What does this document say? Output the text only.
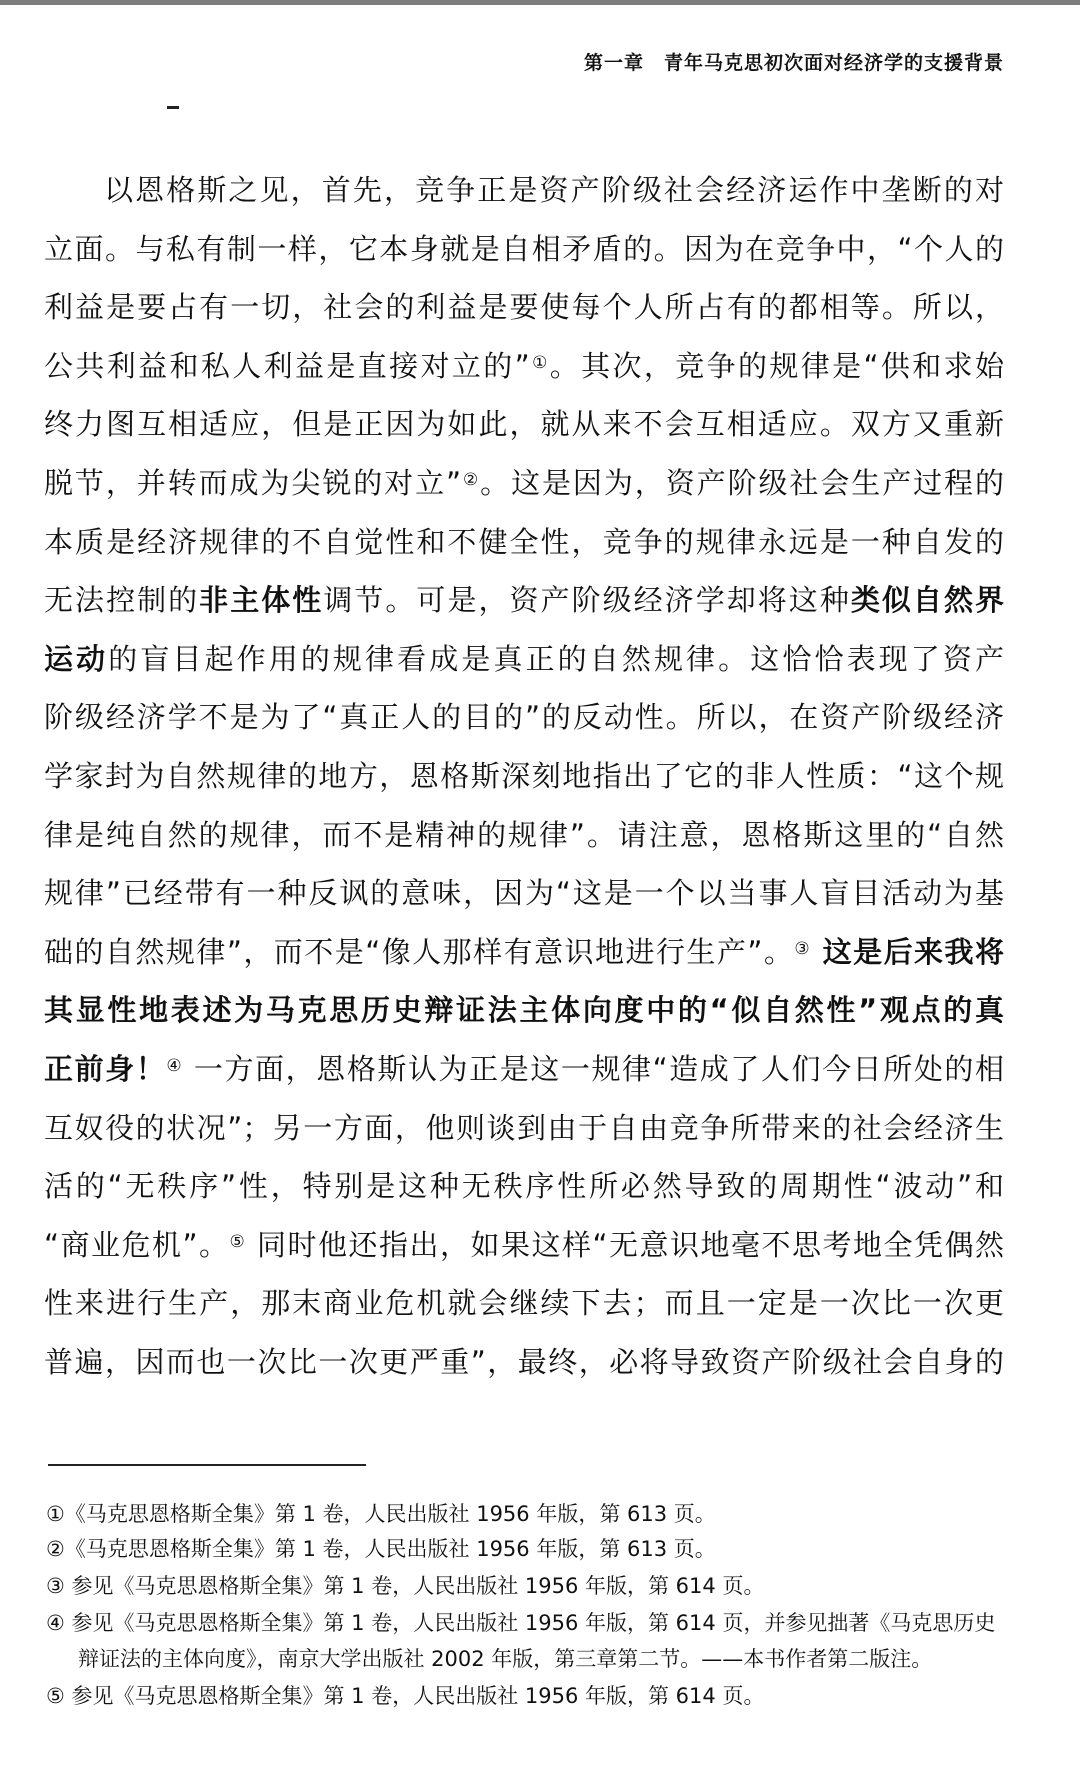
第一章　青年马克思初次面对经济学的支援背景
以恩格斯之见，首先，竞争正是资产阶级社会经济运作中垄断的对
立面。与私有制一样，它本身就是自相矛盾的。因为在竞争中，“个人的
利益是要占有一切，社会的利益是要使每个人所占有的都相等。所以，
公共利益和私人利益是直接对立的”①。其次，竞争的规律是“供和求始
终力图互相适应，但是正因为如此，就从来不会互相适应。双方又重新
脱节，并转而成为尖锐的对立”②。这是因为，资产阶级社会生产过程的
本质是经济规律的不自觉性和不健全性，竞争的规律永远是一种自发的
无法控制的非主体性调节。可是，资产阶级经济学却将这种类似自然界
运动的盲目起作用的规律看成是真正的自然规律。这恰恰表现了资产
阶级经济学不是为了“真正人的目的”的反动性。所以，在资产阶级经济
学家封为自然规律的地方，恩格斯深刻地指出了它的非人性质：“这个规
律是纯自然的规律，而不是精神的规律”。请注意，恩格斯这里的“自然
规律”已经带有一种反讽的意味，因为“这是一个以当事人盲目活动为基
础的自然规律”，而不是“像人那样有意识地进行生产”。③ 这是后来我将
其显性地表述为马克思历史辩证法主体向度中的“似自然性”观点的真
正前身！④ 一方面，恩格斯认为正是这一规律“造成了人们今日所处的相
互奴役的状况”；另一方面，他则谈到由于自由竞争所带来的社会经济生
活的“无秩序”性，特别是这种无秩序性所必然导致的周期性“波动”和
“商业危机”。⑤ 同时他还指出，如果这样“无意识地毫不思考地全凭偶然
性来进行生产，那末商业危机就会继续下去；而且一定是一次比一次更
普遍，因而也一次比一次更严重”，最终，必将导致资产阶级社会自身的
①《马克思恩格斯全集》第 1 卷，人民出版社 1956 年版，第 613 页。
②《马克思恩格斯全集》第 1 卷，人民出版社 1956 年版，第 613 页。
③ 参见《马克思恩格斯全集》第 1 卷，人民出版社 1956 年版，第 614 页。
④ 参见《马克思恩格斯全集》第 1 卷，人民出版社 1956 年版，第 614 页，并参见拙著《马克思历史
辩证法的主体向度》，南京大学出版社 2002 年版，第三章第二节。——本书作者第二版注。
⑤ 参见《马克思恩格斯全集》第 1 卷，人民出版社 1956 年版，第 614 页。
